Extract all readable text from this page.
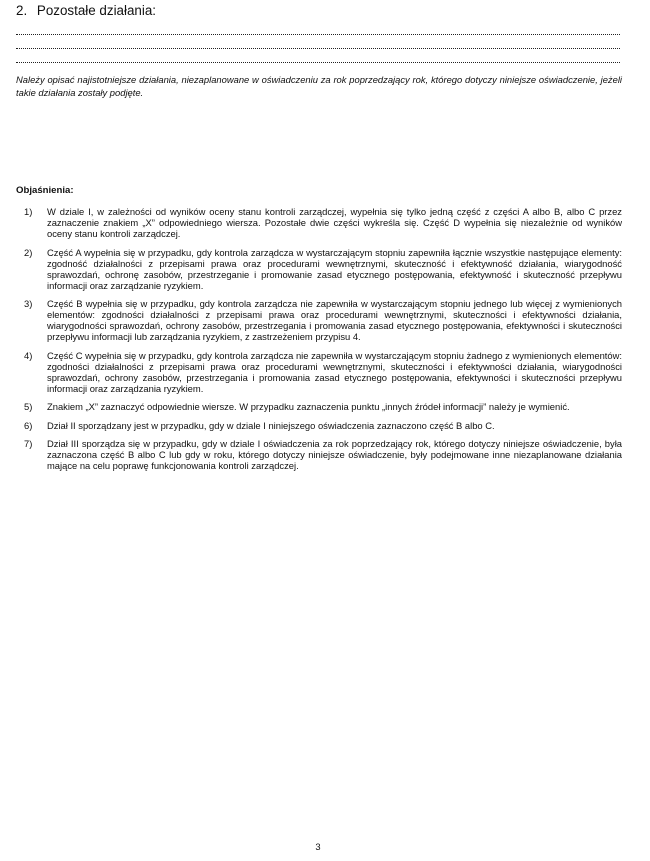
2. Pozostałe działania:
Należy opisać najistotniejsze działania, niezaplanowane w oświadczeniu za rok poprzedzający rok, którego dotyczy niniejsze oświadczenie, jeżeli takie działania zostały podjęte.
Objaśnienia:
1) W dziale I, w zależności od wyników oceny stanu kontroli zarządczej, wypełnia się tylko jedną część z części A albo B, albo C przez zaznaczenie znakiem „X” odpowiedniego wiersza. Pozostałe dwie części wykreśla się. Część D wypełnia się niezależnie od wyników oceny stanu kontroli zarządczej.
2) Część A wypełnia się w przypadku, gdy kontrola zarządcza w wystarczającym stopniu zapewniła łącznie wszystkie następujące elementy: zgodność działalności z przepisami prawa oraz procedurami wewnętrznymi, skuteczność i efektywność działania, wiarygodność sprawozdań, ochronę zasobów, przestrzeganie i promowanie zasad etycznego postępowania, efektywność i skuteczność przepływu informacji oraz zarządzanie ryzykiem.
3) Część B wypełnia się w przypadku, gdy kontrola zarządcza nie zapewniła w wystarczającym stopniu jednego lub więcej z wymienionych elementów: zgodności działalności z przepisami prawa oraz procedurami wewnętrznymi, skuteczności i efektywności działania, wiarygodności sprawozdań, ochrony zasobów, przestrzegania i promowania zasad etycznego postępowania, efektywności i skuteczności przepływu informacji lub zarządzania ryzykiem, z zastrzeżeniem przypisu 4.
4) Część C wypełnia się w przypadku, gdy kontrola zarządcza nie zapewniła w wystarczającym stopniu żadnego z wymienionych elementów: zgodności działalności z przepisami prawa oraz procedurami wewnętrznymi, skuteczności i efektywności działania, wiarygodności sprawozdań, ochrony zasobów, przestrzegania i promowania zasad etycznego postępowania, efektywności i skuteczności przepływu informacji oraz zarządzania ryzykiem.
5) Znakiem „X” zaznaczyć odpowiednie wiersze. W przypadku zaznaczenia punktu „innych źródeł informacji” należy je wymienić.
6) Dział II sporządzany jest w przypadku, gdy w dziale I niniejszego oświadczenia zaznaczono część B albo C.
7) Dział III sporządza się w przypadku, gdy w dziale I oświadczenia za rok poprzedzający rok, którego dotyczy niniejsze oświadczenie, była zaznaczona część B albo C lub gdy w roku, którego dotyczy niniejsze oświadczenie, były podejmowane inne niezaplanowane działania mające na celu poprawę funkcjonowania kontroli zarządczej.
3
